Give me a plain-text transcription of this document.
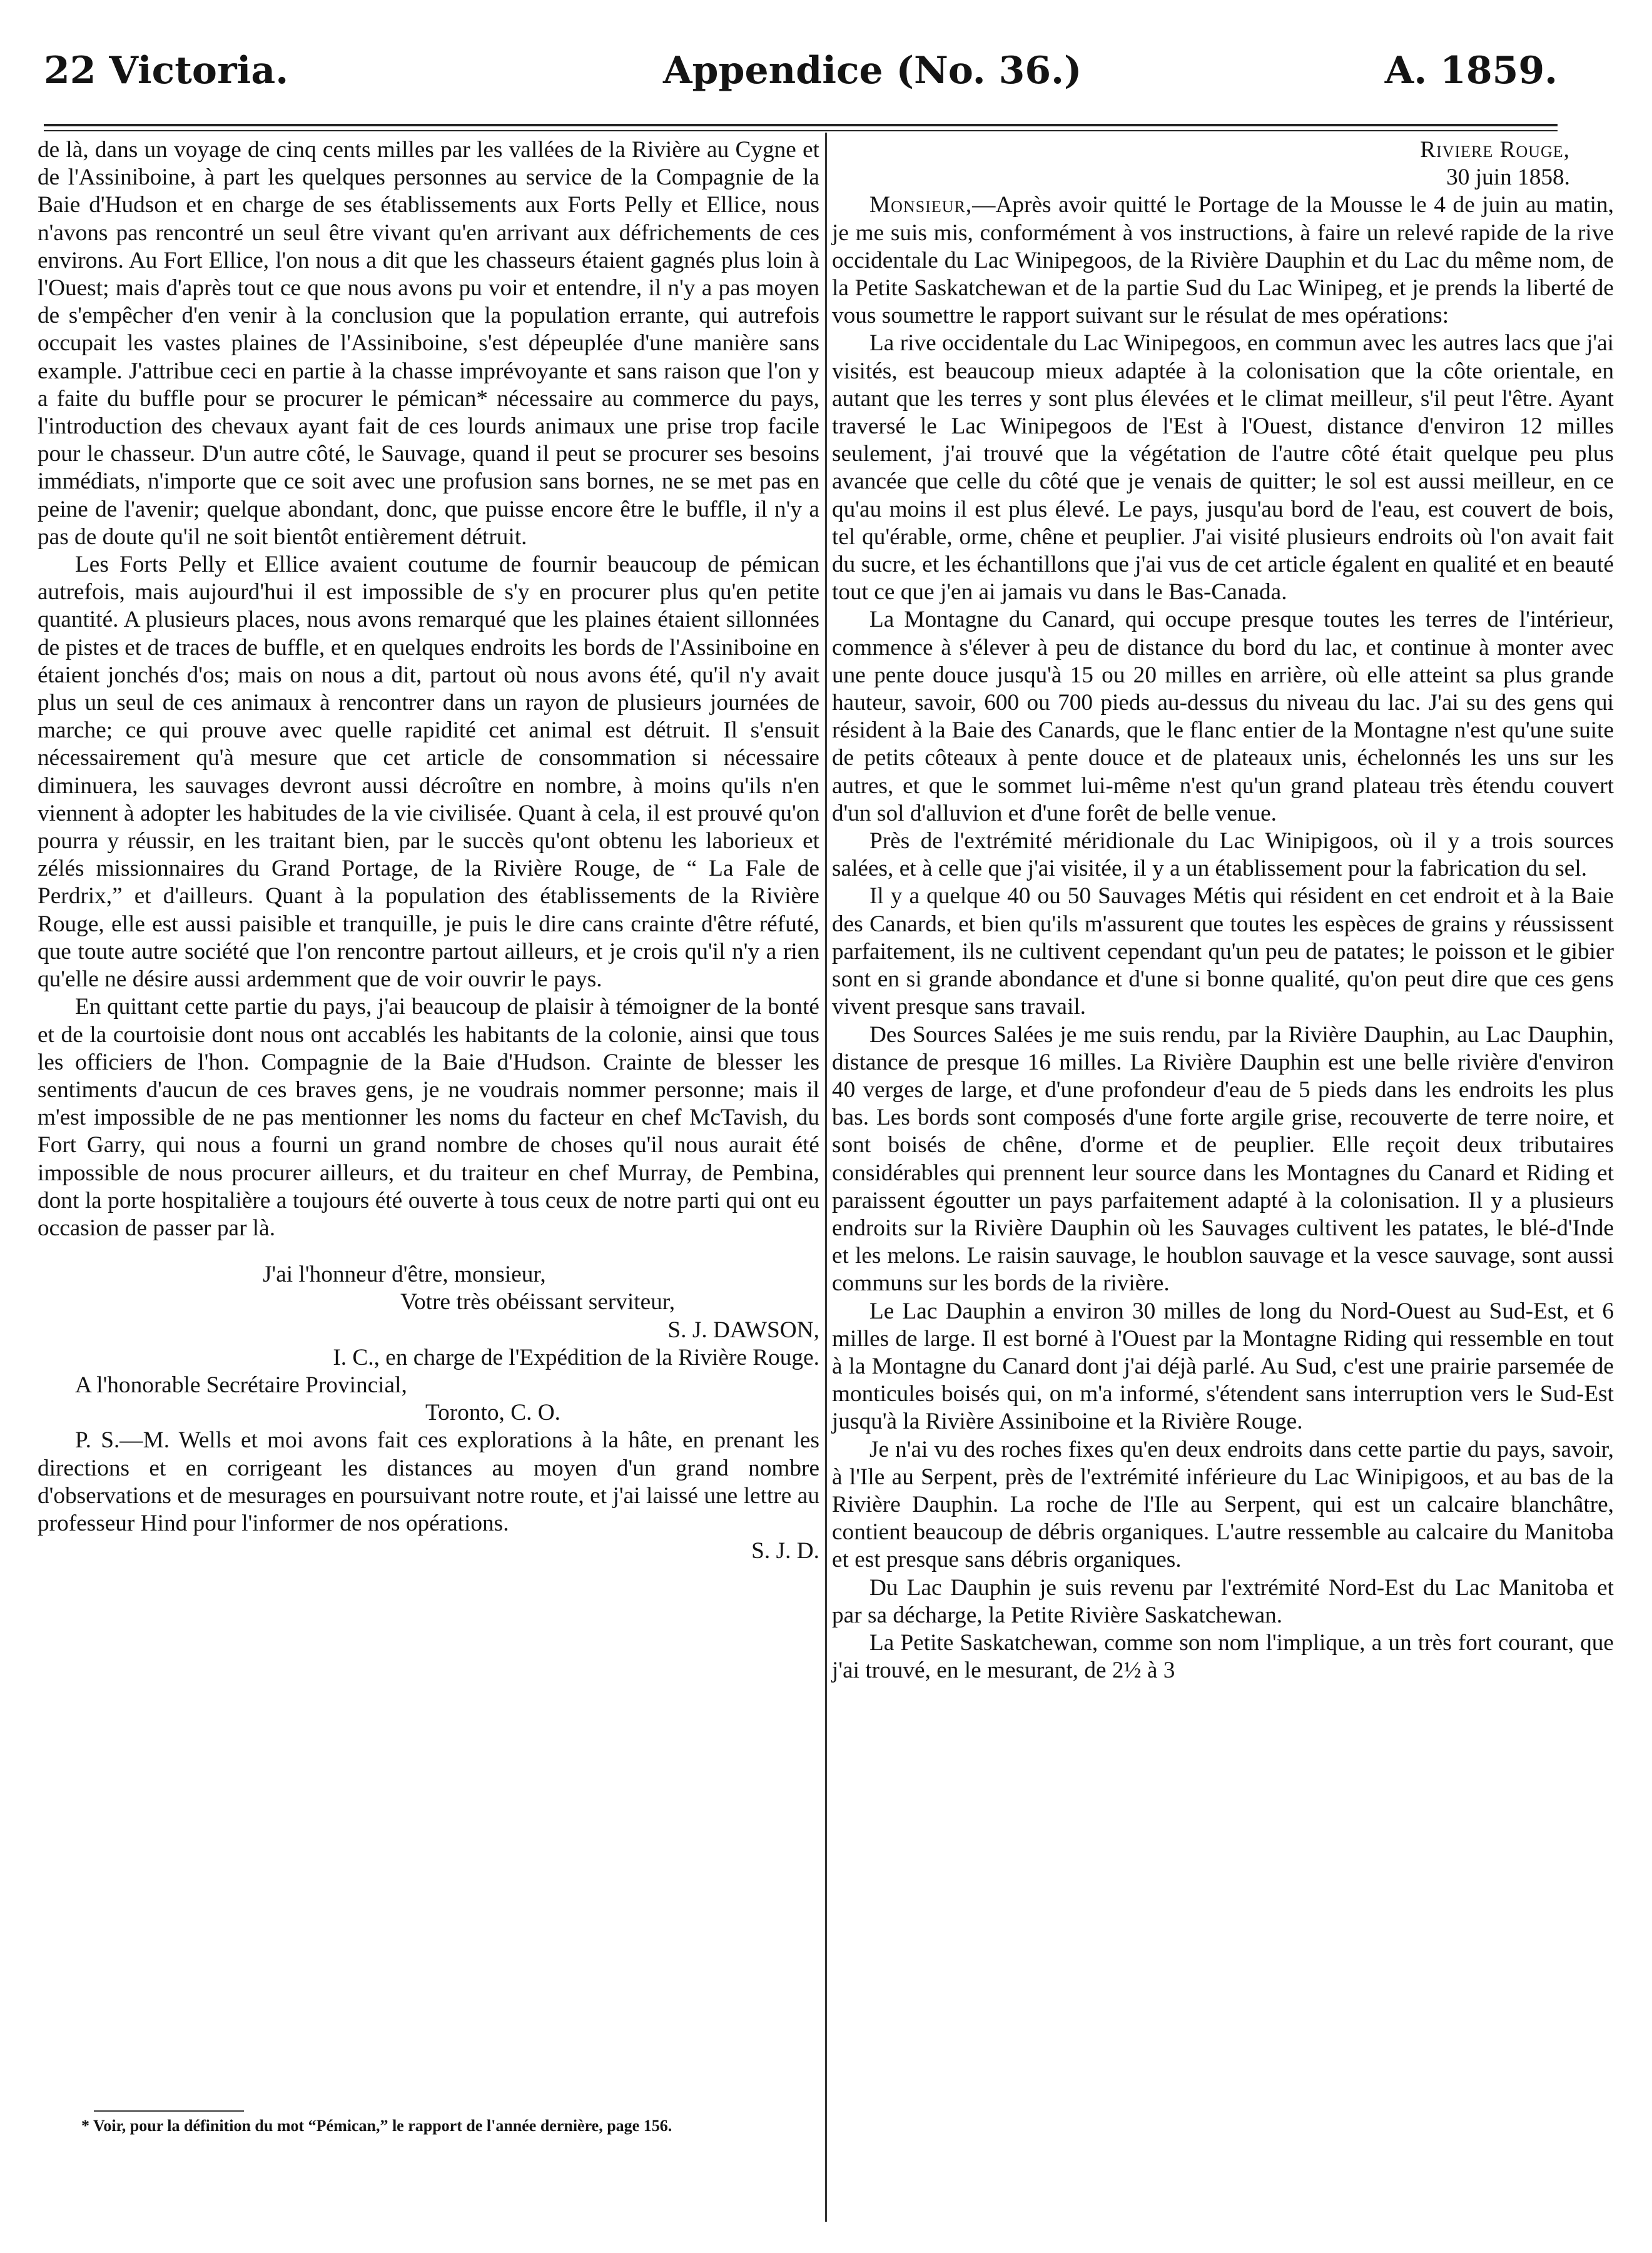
22 Victoria.	Appendice (No. 36.)	A. 1859.

de là, dans un voyage de cinq cents milles par les vallées de la Rivière au Cygne et de l'Assiniboine, à part les quelques personnes au service de la Compagnie de la Baie d'Hudson et en charge de ses établissements aux Forts Pelly et Ellice, nous n'avons pas rencontré un seul être vivant qu'en arrivant aux défrichements de ces environs. Au Fort Ellice, l'on nous a dit que les chasseurs étaient gagnés plus loin à l'Ouest; mais d'après tout ce que nous avons pu voir et entendre, il n'y a pas moyen de s'empêcher d'en venir à la conclusion que la population errante, qui autrefois occupait les vastes plaines de l'Assiniboine, s'est dépeuplée d'une manière sans example. J'attribue ceci en partie à la chasse imprévoyante et sans raison que l'on y a faite du buffle pour se procurer le pémican* nécessaire au commerce du pays, l'introduction des chevaux ayant fait de ces lourds animaux une prise trop facile pour le chasseur. D'un autre côté, le Sauvage, quand il peut se procurer ses besoins immédiats, n'importe que ce soit avec une profusion sans bornes, ne se met pas en peine de l'avenir; quelque abondant, donc, que puisse encore être le buffle, il n'y a pas de doute qu'il ne soit bientôt entièrement détruit.

Les Forts Pelly et Ellice avaient coutume de fournir beaucoup de pémican autrefois, mais aujourd'hui il est impossible de s'y en procurer plus qu'en petite quantité. A plusieurs places, nous avons remarqué que les plaines étaient sillonnées de pistes et de traces de buffle, et en quelques endroits les bords de l'Assiniboine en étaient jonchés d'os; mais on nous a dit, partout où nous avons été, qu'il n'y avait plus un seul de ces animaux à rencontrer dans un rayon de plusieurs journées de marche; ce qui prouve avec quelle rapidité cet animal est détruit. Il s'ensuit nécessairement qu'à mesure que cet article de consommation si nécessaire diminuera, les sauvages devront aussi décroître en nombre, à moins qu'ils n'en viennent à adopter les habitudes de la vie civilisée. Quant à cela, il est prouvé qu'on pourra y réussir, en les traitant bien, par le succès qu'ont obtenu les laborieux et zélés missionnaires du Grand Portage, de la Rivière Rouge, de “ La Fale de Perdrix,” et d'ailleurs. Quant à la population des établissements de la Rivière Rouge, elle est aussi paisible et tranquille, je puis le dire cans crainte d'être réfuté, que toute autre société que l'on rencontre partout ailleurs, et je crois qu'il n'y a rien qu'elle ne désire aussi ardemment que de voir ouvrir le pays.

En quittant cette partie du pays, j'ai beaucoup de plaisir à témoigner de la bonté et de la courtoisie dont nous ont accablés les habitants de la colonie, ainsi que tous les officiers de l'hon. Compagnie de la Baie d'Hudson. Crainte de blesser les sentiments d'aucun de ces braves gens, je ne voudrais nommer personne; mais il m'est impossible de ne pas mentionner les noms du facteur en chef McTavish, du Fort Garry, qui nous a fourni un grand nombre de choses qu'il nous aurait été impossible de nous procurer ailleurs, et du traiteur en chef Murray, de Pembina, dont la porte hospitalière a toujours été ouverte à tous ceux de notre parti qui ont eu occasion de passer par là.

J'ai l'honneur d'être, monsieur,

Votre très obéissant serviteur,

S. J. DAWSON,

I. C., en charge de l'Expédition de la Rivière Rouge.

A l'honorable Secrétaire Provincial,

Toronto, C. O.

P. S.—M. Wells et moi avons fait ces explorations à la hâte, en prenant les directions et en corrigeant les distances au moyen d'un grand nombre d'observations et de mesurages en poursuivant notre route, et j'ai laissé une lettre au professeur Hind pour l'informer de nos opérations.

S. J. D.

* Voir, pour la définition du mot “Pémican,” le rapport de l'année dernière, page 156.

Riviere Rouge,

30 juin 1858.

Monsieur,—Après avoir quitté le Portage de la Mousse le 4 de juin au matin, je me suis mis, conformément à vos instructions, à faire un relevé rapide de la rive occidentale du Lac Winipegoos, de la Rivière Dauphin et du Lac du même nom, de la Petite Saskatchewan et de la partie Sud du Lac Winipeg, et je prends la liberté de vous soumettre le rapport suivant sur le résulat de mes opérations:

La rive occidentale du Lac Winipegoos, en commun avec les autres lacs que j'ai visités, est beaucoup mieux adaptée à la colonisation que la côte orientale, en autant que les terres y sont plus élevées et le climat meilleur, s'il peut l'être. Ayant traversé le Lac Winipegoos de l'Est à l'Ouest, distance d'environ 12 milles seulement, j'ai trouvé que la végétation de l'autre côté était quelque peu plus avancée que celle du côté que je venais de quitter; le sol est aussi meilleur, en ce qu'au moins il est plus élevé. Le pays, jusqu'au bord de l'eau, est couvert de bois, tel qu'érable, orme, chêne et peuplier. J'ai visité plusieurs endroits où l'on avait fait du sucre, et les échantillons que j'ai vus de cet article égalent en qualité et en beauté tout ce que j'en ai jamais vu dans le Bas-Canada.

La Montagne du Canard, qui occupe presque toutes les terres de l'intérieur, commence à s'élever à peu de distance du bord du lac, et continue à monter avec une pente douce jusqu'à 15 ou 20 milles en arrière, où elle atteint sa plus grande hauteur, savoir, 600 ou 700 pieds au-dessus du niveau du lac. J'ai su des gens qui résident à la Baie des Canards, que le flanc entier de la Montagne n'est qu'une suite de petits côteaux à pente douce et de plateaux unis, échelonnés les uns sur les autres, et que le sommet lui-même n'est qu'un grand plateau très étendu couvert d'un sol d'alluvion et d'une forêt de belle venue.

Près de l'extrémité méridionale du Lac Winipigoos, où il y a trois sources salées, et à celle que j'ai visitée, il y a un établissement pour la fabrication du sel.

Il y a quelque 40 ou 50 Sauvages Métis qui résident en cet endroit et à la Baie des Canards, et bien qu'ils m'assurent que toutes les espèces de grains y réussissent parfaitement, ils ne cultivent cependant qu'un peu de patates; le poisson et le gibier sont en si grande abondance et d'une si bonne qualité, qu'on peut dire que ces gens vivent presque sans travail.

Des Sources Salées je me suis rendu, par la Rivière Dauphin, au Lac Dauphin, distance de presque 16 milles. La Rivière Dauphin est une belle rivière d'environ 40 verges de large, et d'une profondeur d'eau de 5 pieds dans les endroits les plus bas. Les bords sont composés d'une forte argile grise, recouverte de terre noire, et sont boisés de chêne, d'orme et de peuplier. Elle reçoit deux tributaires considérables qui prennent leur source dans les Montagnes du Canard et Riding et paraissent égoutter un pays parfaitement adapté à la colonisation. Il y a plusieurs endroits sur la Rivière Dauphin où les Sauvages cultivent les patates, le blé-d'Inde et les melons. Le raisin sauvage, le houblon sauvage et la vesce sauvage, sont aussi communs sur les bords de la rivière.

Le Lac Dauphin a environ 30 milles de long du Nord-Ouest au Sud-Est, et 6 milles de large. Il est borné à l'Ouest par la Montagne Riding qui ressemble en tout à la Montagne du Canard dont j'ai déjà parlé. Au Sud, c'est une prairie parsemée de monticules boisés qui, on m'a informé, s'étendent sans interruption vers le Sud-Est jusqu'à la Rivière Assiniboine et la Rivière Rouge.

Je n'ai vu des roches fixes qu'en deux endroits dans cette partie du pays, savoir, à l'Ile au Serpent, près de l'extrémité inférieure du Lac Winipigoos, et au bas de la Rivière Dauphin. La roche de l'Ile au Serpent, qui est un calcaire blanchâtre, contient beaucoup de débris organiques. L'autre ressemble au calcaire du Manitoba et est presque sans débris organiques.

Du Lac Dauphin je suis revenu par l'extrémité Nord-Est du Lac Manitoba et par sa décharge, la Petite Rivière Saskatchewan.

La Petite Saskatchewan, comme son nom l'implique, a un très fort courant, que j'ai trouvé, en le mesurant, de 2½ à 3
